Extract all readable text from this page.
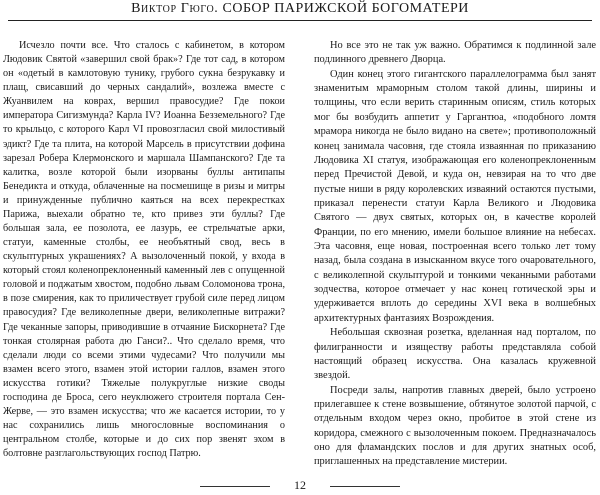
Виктор Гюго. СОБОР ПАРИЖСКОЙ БОГОМАТЕРИ

Исчезло почти все. Что сталось с кабинетом, в котором Людовик Святой «завершил свой брак»? Где тот сад, в котором он «одетый в камлотовую тунику, грубого сукна безрукавку и плащ, свисавший до черных сандалий», возлежа вместе с Жуанвилем на коврах, вершил правосудие? Где покои императора Сигизмунда? Карла IV? Иоанна Безземельного? Где то крыльцо, с которого Карл VI провозгласил свой милостивый эдикт? Где та плита, на которой Марсель в присутствии дофина зарезал Робера Клермонского и маршала Шампанского? Где та калитка, возле которой были изорваны буллы антипапы Бенедикта и откуда, облаченные на посмешище в ризы и митры и принужденные публично каяться на всех перекрестках Парижа, выехали обратно те, кто привез эти буллы? Где большая зала, ее позолота, ее лазурь, ее стрельчатые арки, статуи, каменные столбы, ее необъятный свод, весь в скульптурных украшениях? А вызолоченный покой, у входа в который стоял коленопреклоненный каменный лев с опущенной головой и поджатым хвостом, подобно львам Соломонова трона, в позе смирения, как то приличествует грубой силе перед лицом правосудия? Где великолепные двери, великолепные витражи? Где чеканные запоры, приводившие в отчаяние Бискорнета? Где тонкая столярная работа дю Ганси?.. Что сделало время, что сделали люди со всеми этими чудесами? Что получили мы взамен всего этого, взамен этой истории галлов, взамен этого искусства готики? Тяжелые полукруглые низкие своды господина де Броса, сего неуклюжего строителя портала Сен-Жерве, — это взамен искусства; что же касается истории, то у нас сохранились лишь многословные воспоминания о центральном столбе, которые и до сих пор звенят эхом в болтовне разглагольствующих господ Патрю.

Но все это не так уж важно. Обратимся к подлинной зале подлинного древнего Дворца.

Один конец этого гигантского параллелограмма был занят знаменитым мраморным столом такой длины, ширины и толщины, что если верить старинным описям, стиль которых мог бы возбудить аппетит у Гаргантюа, «подобного ломтя мрамора никогда не было видано на свете»; противоположный конец занимала часовня, где стояла изваянная по приказанию Людовика XI статуя, изображающая его коленопреклоненным перед Пречистой Девой, и куда он, невзирая на то что две пустые ниши в ряду королевских изваяний остаются пустыми, приказал перенести статуи Карла Великого и Людовика Святого — двух святых, которых он, в качестве королей Франции, по его мнению, имели большое влияние на небесах. Эта часовня, еще новая, построенная всего только лет тому назад, была создана в изысканном вкусе того очаровательного, с великолепной скульптурой и тонкими чеканными работами зодчества, которое отмечает у нас конец готической эры и удерживается вплоть до середины XVI века в волшебных архитектурных фантазиях Возрождения.

Небольшая сквозная розетка, вделанная над порталом, по филигранности и изяществу работы представляла собой настоящий образец искусства. Она казалась кружевной звездой.

Посреди залы, напротив главных дверей, было устроено прилегавшее к стене возвышение, обтянутое золотой парчой, с отдельным входом через окно, пробитое в этой стене из коридора, смежного с вызолоченным покоем. Предназначалось оно для фламандских послов и для других знатных особ, приглашенных на представление мистерии.

12
